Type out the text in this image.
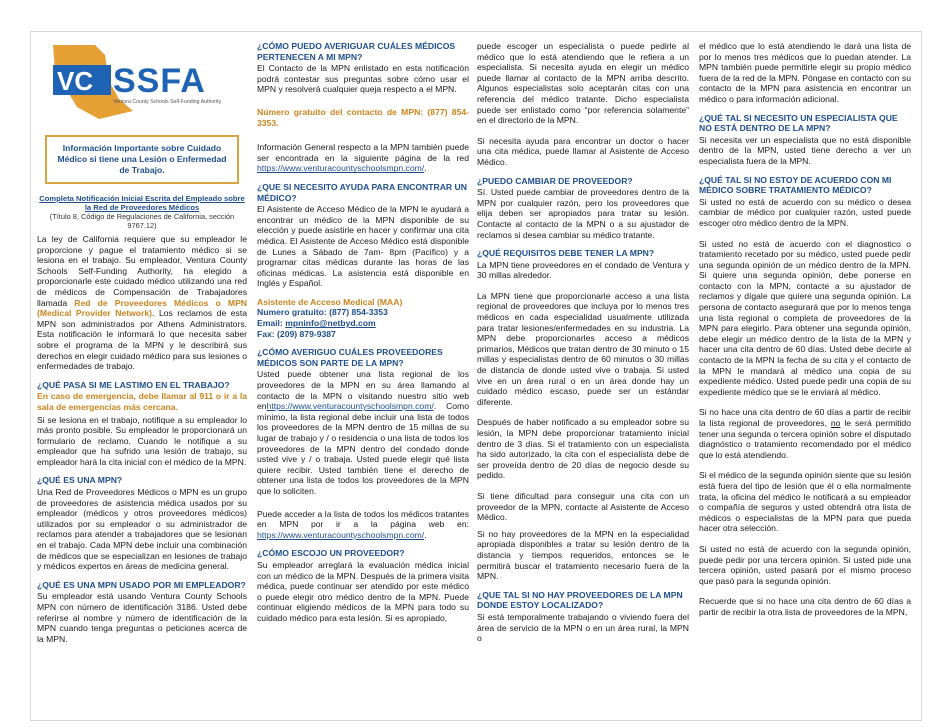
VC SSFA
Ventura County Schools Self-Funding Authority
Información Importante sobre Cuidado Médico si tiene una Lesión o Enfermedad de Trabajo.
Completa Notificación Inicial Escrita del Empleado sobre la Red de Proveedores Médicos
(Título 8, Código de Regulaciones de California, sección 9767.12)

La ley de California requiere que su empleador le proporcione y pague el tratamiento médico si se lesiona en el trabajo. Su empleador, Ventura County Schools Self-Funding Authority, ha elegido a proporcionarle este cuidado médico utilizando una red de médicos de Compensación de Trabajadores llamada Red de Proveedores Médicos o MPN (Medical Provider Network). Los reclamos de esta MPN son administrados por Athens Administrators. Esta notificación le informará lo que necesita saber sobre el programa de la MPN y le describirá sus derechos en elegir cuidado médico para sus lesiones o enfermedades de trabajo.

¿QUÉ PASA SI ME LASTIMO EN EL TRABAJO?

En caso de emergencia, debe llamar al 911 o ir a la sala de emergencias más cercana.

Si se lesiona en el trabajo, notifique a su empleador lo más pronto posible. Su empleador le proporcionará un formulario de reclamo. Cuando le notifique a su empleador que ha sufrido una lesión de trabajo, su empleador hará la cita inicial con el médico de la MPN.

¿QUÉ ES UNA MPN?

Una Red de Proveedores Médicos o MPN es un grupo de proveedores de asistencia médica usados por su empleador (médicos y otros proveedores médicos) utilizados por su empleador o su administrador de reclamos para atender a trabajadores que se lesionan en el trabajo. Cada MPN debe incluir una combinación de médicos que se especializan en lesiones de trabajo y médicos expertos en áreas de medicina general.

¿QUÉ ES UNA MPN USADO POR MI EMPLEADOR?

Su empleador está usando Ventura County Schools MPN con número de identificación 3186. Usted debe referirse al nombre y número de identificación de la MPN cuando tenga preguntas o peticiones acerca de la MPN.

¿CÓMO PUEDO AVERIGUAR CUÁLES MÉDICOS PERTENECEN A MI MPN?

El Contacto de la MPN enlistado en esta notificación podrá contestar sus preguntas sobre cómo usar el MPN y resolverá cualquier queja respecto a el MPN.

Número gratuito del contacto de MPN: (877) 854-3353.

Información General respecto a la MPN también puede ser encontrada en la siguiente página de la red https://www.venturacountyschoolsmpn.com/.

¿QUE SI NECESITO AYUDA PARA ENCONTRAR UN MÉDICO?

El Asistente de Acceso Médico de la MPN le ayudará a encontrar un médico de la MPN disponible de su elección y puede asistirle en hacer y confirmar una cita médica. El Asistente de Acceso Médico está disponible de Lunes a Sábado de 7am- 8pm (Pacifico) y a programar citas médicas durante las horas de las oficinas médicas. La asistencia está disponible en Inglés y Español.

Asistente de Acceso Medical (MAA)
Numero gratuito: (877) 854-3353
Email: mpninfo@netbyd.com
Fax: (209) 879-9387
¿CÓMO AVERIGUO CUÁLES PROVEEDORES MÉDICOS SON PARTE DE LA MPN?

Usted puede obtener una lista regional de los proveedores de la MPN en su área llamando al contacto de la MPN o visitando nuestro sitio web enhttps://www.venturacountyschoolsmpn.com/. Como mínimo, la lista regional debe incluir una lista de todos los proveedores de la MPN dentro de 15 millas de su lugar de trabajo y / o residencia o una lista de todos los proveedores de la MPN dentro del condado donde usted vive y / o trabaja. Usted puede elegir qué lista quiere recibir. Usted también tiene el derecho de obtener una lista de todos los proveedores de la MPN que lo soliciten.

Puede acceder a la lista de todos los médicos tratantes en MPN por ir a la página web en: https://www.venturacountyschoolsmpn.com/.

¿CÓMO ESCOJO UN PROVEEDOR?

Su empleador arreglará la evaluación médica inicial con un médico de la MPN. Después de la primera visita médica, puede continuar ser atendido por este médico o puede elegir otro médico dentro de la MPN. Puede continuar eligiendo médicos de la MPN para todo su cuidado médico para esta lesión. Si es apropiado,

puede escoger un especialista o puede pedirle al médico que lo está atendiendo que le refiera a un especialista. Si necesita ayuda en elegir un médico puede llamar al contacto de la MPN arriba descrito. Algunos especialistas solo aceptarán citas con una referencia del médico tratante. Dicho especialista puede ser enlistado como “por referencia solamente” en el directorio de la MPN.

Si necesita ayuda para encontrar un doctor o hacer una cita médica, puede llamar al Asistente de Acceso Médico.

¿PUEDO CAMBIAR DE PROVEEDOR?

Sí. Usted puede cambiar de proveedores dentro de la MPN por cualquier razón, pero los proveedores que elija deben ser apropiados para tratar su lesión. Contacte al contacto de la MPN o a su ajustador de reclamos si desea cambiar su médico tratante.

¿QUÉ REQUISITOS DEBE TENER LA MPN?

La MPN tiene proveedores en el condado de Ventura y 30 millas alrededor.

La MPN tiene que proporcionarle acceso a una lista regional de proveedores que incluya por lo menos tres médicos en cada especialidad usualmente utilizada para tratar lesiones/enfermedades en su industria. La MPN debe proporcionarles acceso a médicos primarios, Médicos que tratan dentro de 30 minuto o 15 millas y especialistas dentro de 60 minutos o 30 millas de distancia de donde usted vive o trabaja. Si usted vive en un área rural o en un área donde hay un cuidado médico escaso, puede ser un estándar diferente.

Después de haber notificado a su empleador sobre su lesión, la MPN debe proporcionar tratamiento inicial dentro de 3 días. Si el tratamiento con un especialista ha sido autorizado, la cita con el especialista debe de ser proveída dentro de 20 días de negocio desde su pedido.

Si tiene dificultad para conseguir una cita con un proveedor de la MPN, contacte al Asistente de Acceso Médico.

Si no hay proveedores de la MPN en la especialidad apropiada disponibles a tratar su lesión dentro de la distancia y tiempos requeridos, entonces se le permitirá buscar el tratamiento necesario fuera de la MPN.

¿QUE TAL SI NO HAY PROVEEDORES DE LA MPN DONDE ESTOY LOCALIZADO?

Si está temporalmente trabajando o viviendo fuera del área de servicio de la MPN o en un área rural, la MPN o

el médico que lo está atendiendo le dará una lista de por lo menos tres médicos que lo puedan atender. La MPN también puede permitirle elegir su propio médico fuera de la red de la MPN. Póngase en contacto con su contacto de la MPN para asistencia en encontrar un médico o para información adicional.

¿QUÉ TAL SI NECESITO UN ESPECIALISTA QUE NO ESTÁ DENTRO DE LA MPN?

Si necesita ver un especialista que no está disponible dentro de la MPN, usted tiene derecho a ver un especialista fuera de la MPN.

¿QUÉ TAL SI NO ESTOY DE ACUERDO CON MI MÉDICO SOBRE TRATAMIENTO MÉDICO?

Si usted no está de acuerdo con su médico o desea cambiar de médico por cualquier razón, usted puede escoger otro médico dentro de la MPN.

Si usted no está de acuerdo con el diagnostico o tratamiento recetado por su médico, usted puede pedir una segunda opinión de un médico dentro de la MPN. Si quiere una segunda opinión, debe ponerse en contacto con la MPN, contacte a su ajustador de reclamos y dígale que quiere una segunda opinión. La persona de contacto asegurará que por lo menos tenga una lista regional o completa de proveedores de la MPN para elegirlo. Para obtener una segunda opinión, debe elegir un médico dentro de la lista de la MPN y hacer una cita dentro de 60 días. Usted debe decirle al contacto de la MPN la fecha de su cita y el contacto de la MPN le mandará al médico una copia de su expediente médico. Usted puede pedir una copia de su expediente médico que se le enviará al médico.

Si no hace una cita dentro de 60 días a partir de recibir la lista regional de proveedores, no le será permitido tener una segunda o tercera opinión sobre el disputado diagnóstico o tratamiento recomendado por el médico que lo está atendiendo.

Si el médico de la segunda opinión siente que su lesión está fuera del tipo de lesión que él o ella normalmente trata, la oficina del médico le notificará a su empleador o compañía de seguros y usted obtendrá otra lista de médicos o especialistas de la MPN para que pueda hacer otra selección.

Si usted no está de acuerdo con la segunda opinión, puede pedir por una tercera opinión. Si usted pide una tercera opinión, usted pasará por el mismo proceso que pasó para la segunda opinión.

Recuerde que si no hace una cita dentro de 60 días a partir de recibir la otra lista de proveedores de la MPN,
